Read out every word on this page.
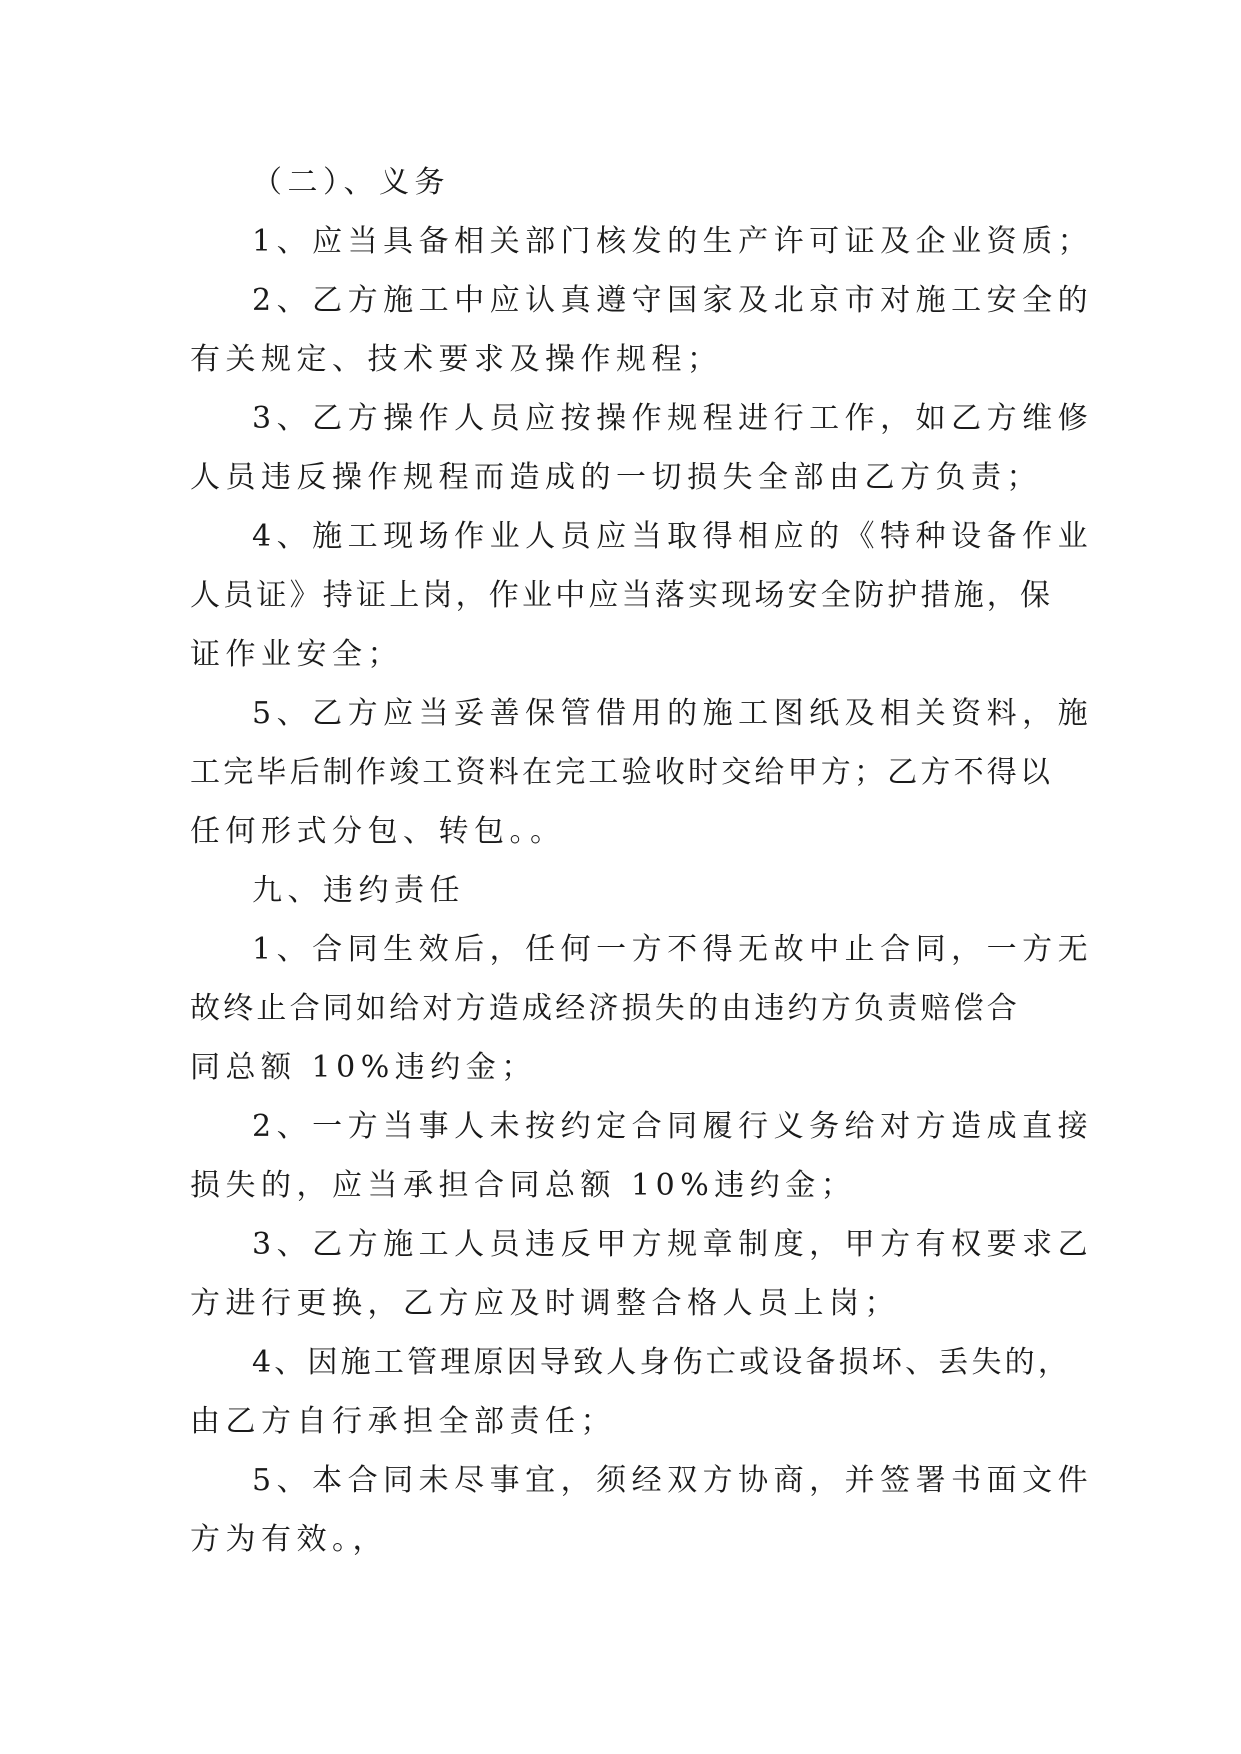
（二）、义务
1、应当具备相关部门核发的生产许可证及企业资质；
2、乙方施工中应认真遵守国家及北京市对施工安全的
有关规定、技术要求及操作规程；
3、乙方操作人员应按操作规程进行工作，如乙方维修
人员违反操作规程而造成的一切损失全部由乙方负责；
4、施工现场作业人员应当取得相应的《特种设备作业
人员证》持证上岗，作业中应当落实现场安全防护措施，保
证作业安全；
5、乙方应当妥善保管借用的施工图纸及相关资料，施
工完毕后制作竣工资料在完工验收时交给甲方；乙方不得以
任何形式分包、转包。。
九、违约责任
1、合同生效后，任何一方不得无故中止合同，一方无
故终止合同如给对方造成经济损失的由违约方负责赔偿合
同总额 10%违约金；
2、一方当事人未按约定合同履行义务给对方造成直接
损失的，应当承担合同总额 10%违约金；
3、乙方施工人员违反甲方规章制度，甲方有权要求乙
方进行更换，乙方应及时调整合格人员上岗；
4、因施工管理原因导致人身伤亡或设备损坏、丢失的，
由乙方自行承担全部责任；
5、本合同未尽事宜，须经双方协商，并签署书面文件
方为有效。，
